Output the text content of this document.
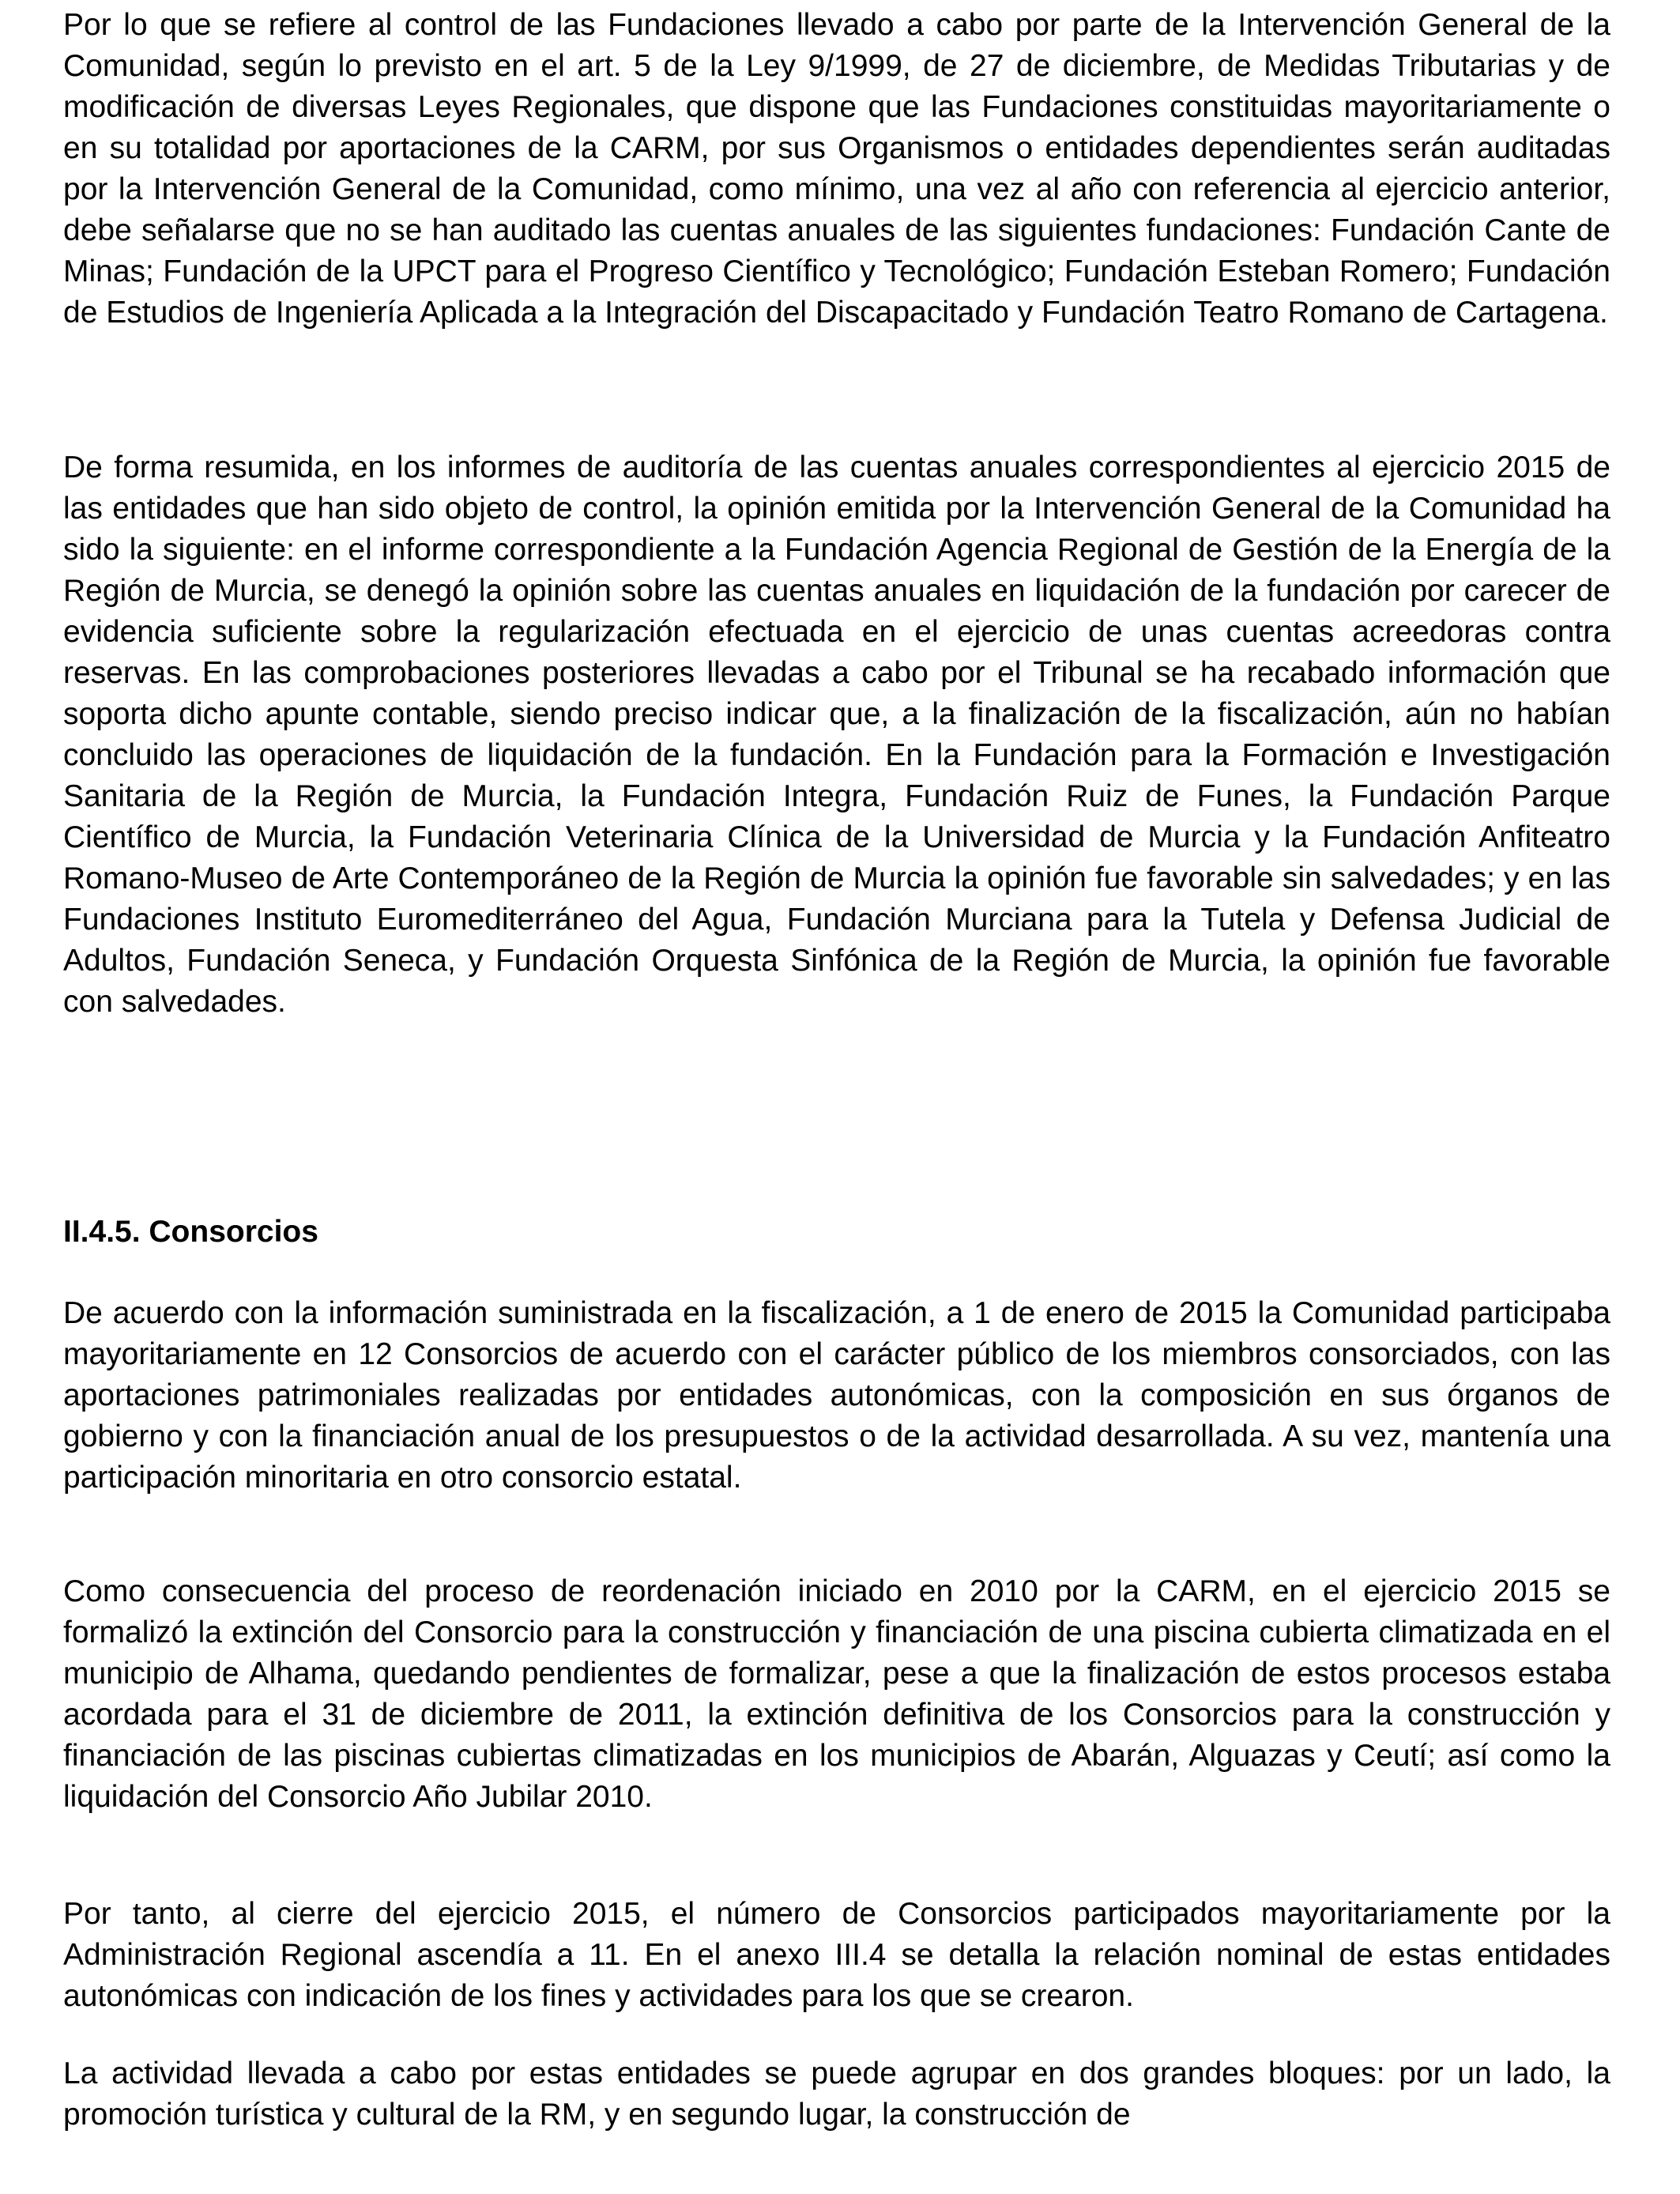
Por lo que se refiere al control de las Fundaciones llevado a cabo por parte de la Intervención General de la Comunidad, según lo previsto en el art. 5 de la Ley 9/1999, de 27 de diciembre, de Medidas Tributarias y de modificación de diversas Leyes Regionales, que dispone que las Fundaciones constituidas mayoritariamente o en su totalidad por aportaciones de la CARM, por sus Organismos o entidades dependientes serán auditadas por la Intervención General de la Comunidad, como mínimo, una vez al año con referencia al ejercicio anterior, debe señalarse que no se han auditado las cuentas anuales de las siguientes fundaciones: Fundación Cante de Minas; Fundación de la UPCT para el Progreso Científico y Tecnológico; Fundación Esteban Romero; Fundación de Estudios de Ingeniería Aplicada a la Integración del Discapacitado y Fundación Teatro Romano de Cartagena.

De forma resumida, en los informes de auditoría de las cuentas anuales correspondientes al ejercicio 2015 de las entidades que han sido objeto de control, la opinión emitida por la Intervención General de la Comunidad ha sido la siguiente: en el informe correspondiente a la Fundación Agencia Regional de Gestión de la Energía de la Región de Murcia, se denegó la opinión sobre las cuentas anuales en liquidación de la fundación por carecer de evidencia suficiente sobre la regularización efectuada en el ejercicio de unas cuentas acreedoras contra reservas. En las comprobaciones posteriores llevadas a cabo por el Tribunal se ha recabado información que soporta dicho apunte contable, siendo preciso indicar que, a la finalización de la fiscalización, aún no habían concluido las operaciones de liquidación de la fundación. En la Fundación para la Formación e Investigación Sanitaria de la Región de Murcia, la Fundación Integra, Fundación Ruiz de Funes, la Fundación Parque Científico de Murcia, la Fundación Veterinaria Clínica de la Universidad de Murcia y la Fundación Anfiteatro Romano-Museo de Arte Contemporáneo de la Región de Murcia la opinión fue favorable sin salvedades; y en las Fundaciones Instituto Euromediterráneo del Agua, Fundación Murciana para la Tutela y Defensa Judicial de Adultos, Fundación Seneca, y Fundación Orquesta Sinfónica de la Región de Murcia, la opinión fue favorable con salvedades.

II.4.5. Consorcios

De acuerdo con la información suministrada en la fiscalización, a 1 de enero de 2015 la Comunidad participaba mayoritariamente en 12 Consorcios de acuerdo con el carácter público de los miembros consorciados, con las aportaciones patrimoniales realizadas por entidades autonómicas, con la composición en sus órganos de gobierno y con la financiación anual de los presupuestos o de la actividad desarrollada. A su vez, mantenía una participación minoritaria en otro consorcio estatal.

Como consecuencia del proceso de reordenación iniciado en 2010 por la CARM, en el ejercicio 2015 se formalizó la extinción del Consorcio para la construcción y financiación de una piscina cubierta climatizada en el municipio de Alhama, quedando pendientes de formalizar, pese a que la finalización de estos procesos estaba acordada para el 31 de diciembre de 2011, la extinción definitiva de los Consorcios para la construcción y financiación de las piscinas cubiertas climatizadas en los municipios de Abarán, Alguazas y Ceutí; así como la liquidación del Consorcio Año Jubilar 2010.

Por tanto, al cierre del ejercicio 2015, el número de Consorcios participados mayoritariamente por la Administración Regional ascendía a 11. En el anexo III.4 se detalla la relación nominal de estas entidades autonómicas con indicación de los fines y actividades para los que se crearon.

La actividad llevada a cabo por estas entidades se puede agrupar en dos grandes bloques: por un lado, la promoción turística y cultural de la RM, y en segundo lugar, la construcción de
